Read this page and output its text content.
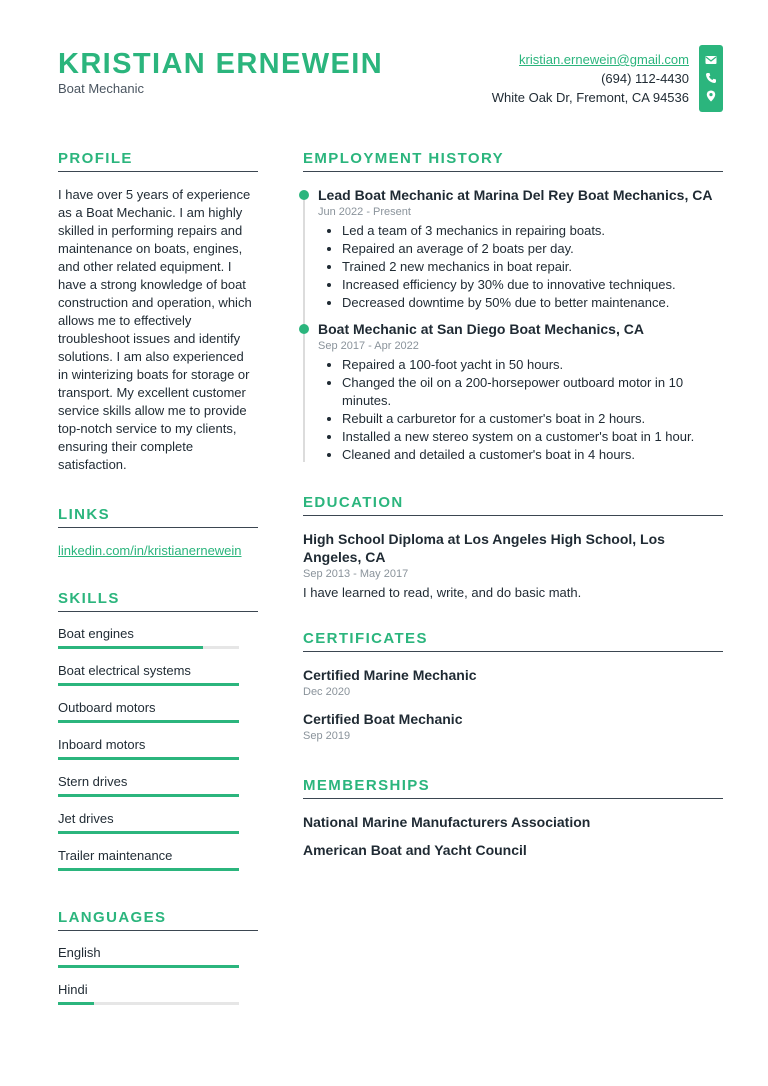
KRISTIAN ERNEWEIN
Boat Mechanic
kristian.ernewein@gmail.com
(694) 112-4430
White Oak Dr, Fremont, CA 94536
PROFILE
I have over 5 years of experience as a Boat Mechanic. I am highly skilled in performing repairs and maintenance on boats, engines, and other related equipment. I have a strong knowledge of boat construction and operation, which allows me to effectively troubleshoot issues and identify solutions. I am also experienced in winterizing boats for storage or transport. My excellent customer service skills allow me to provide top-notch service to my clients, ensuring their complete satisfaction.
LINKS
linkedin.com/in/kristianernewein
SKILLS
Boat engines
Boat electrical systems
Outboard motors
Inboard motors
Stern drives
Jet drives
Trailer maintenance
LANGUAGES
English
Hindi
EMPLOYMENT HISTORY
Lead Boat Mechanic at Marina Del Rey Boat Mechanics, CA
Jun 2022 - Present
• Led a team of 3 mechanics in repairing boats.
• Repaired an average of 2 boats per day.
• Trained 2 new mechanics in boat repair.
• Increased efficiency by 30% due to innovative techniques.
• Decreased downtime by 50% due to better maintenance.
Boat Mechanic at San Diego Boat Mechanics, CA
Sep 2017 - Apr 2022
• Repaired a 100-foot yacht in 50 hours.
• Changed the oil on a 200-horsepower outboard motor in 10 minutes.
• Rebuilt a carburetor for a customer's boat in 2 hours.
• Installed a new stereo system on a customer's boat in 1 hour.
• Cleaned and detailed a customer's boat in 4 hours.
EDUCATION
High School Diploma at Los Angeles High School, Los Angeles, CA
Sep 2013 - May 2017
I have learned to read, write, and do basic math.
CERTIFICATES
Certified Marine Mechanic
Dec 2020
Certified Boat Mechanic
Sep 2019
MEMBERSHIPS
National Marine Manufacturers Association
American Boat and Yacht Council
